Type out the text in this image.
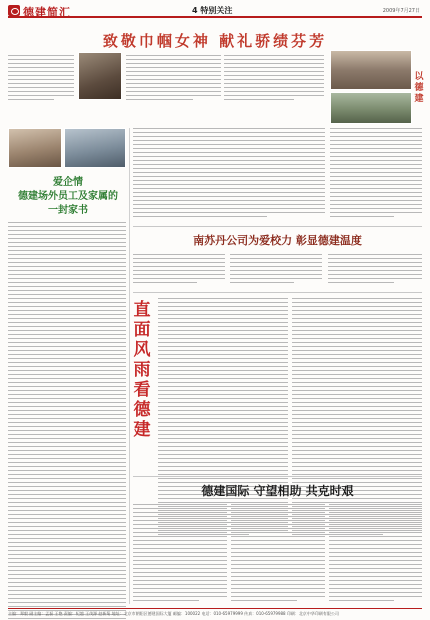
德建简汇	4 特别关注	2009年7月27日
致敬巾帼女神 献礼骄绩芬芳
以德建
爱企情
德建场外员工及家属的
一封家书
南苏丹公司为爱校力 彰显德建温度
直面风雨看德建
德建国际 守望相助 共克时艰
主编：郑毅 副主编：孟磊 王艳 责编：纪越 王茂源 赵新菊 地址：北京市朝阳区德建国际大厦 邮编：100022 电话：010-65979999 传真：010-65979988 印刷：北京中华印刷有限公司
